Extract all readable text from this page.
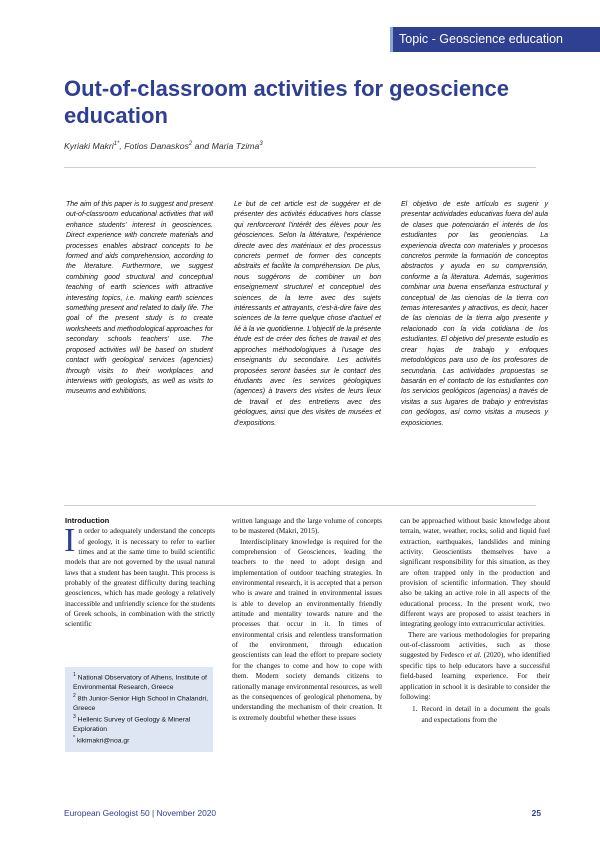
Topic - Geoscience education
Out-of-classroom activities for geoscience education
Kyriaki Makri$^{1*}$, Fotios Danaskos$^2$ and Maria Tzima$^3$

The aim of this paper is to suggest and present out-of-classroom educational activities that will enhance students' interest in geosciences. Direct experience with concrete materials and processes enables abstract concepts to be formed and aids comprehension, according to the literature. Furthermore, we suggest combining good structural and conceptual teaching of earth sciences with attractive interesting topics, i.e. making earth sciences something present and related to daily life. The goal of the present study is to create worksheets and methodological approaches for secondary schools teachers' use. The proposed activities will be based on student contact with geological services (agencies) through visits to their workplaces and interviews with geologists, as well as visits to museums and exhibitions.

Le but de cet article est de suggérer et de présenter des activités éducatives hors classe qui renforceront l'intérêt des élèves pour les géosciences. Selon la littérature, l'expérience directe avec des matériaux et des processus concrets permet de former des concepts abstraits et facilite la compréhension. De plus, nous suggérons de combiner un bon enseignement structurel et conceptuel des sciences de la terre avec des sujets intéressants et attrayants, c'est-à-dire faire des sciences de la terre quelque chose d'actuel et lié à la vie quotidienne. L'objectif de la présente étude est de créer des fiches de travail et des approches méthodologiques à l'usage des enseignants du secondaire. Les activités proposées seront basées sur le contact des étudiants avec les services géologiques (agences) à travers des visites de leurs lieux de travail et des entretiens avec des géologues, ainsi que des visites de musées et d'expositions.

El objetivo de este artículo es sugerir y presentar actividades educativas fuera del aula de clases que potenciarán el interés de los estudiantes por las geociencias. La experiencia directa con materiales y procesos concretos permite la formación de conceptos abstractos y ayuda en su comprensión, conforme a la literatura. Además, sugerimos combinar una buena enseñanza estructural y conceptual de las ciencias de la tierra con temas interesantes y atractivos, es decir, hacer de las ciencias de la tierra algo presente y relacionado con la vida cotidiana de los estudiantes. El objetivo del presente estudio es crear hojas de trabajo y enfoques metodológicos para uso de los profesores de secundaria. Las actividades propuestas se basarán en el contacto de los estudiantes con los servicios geológicos (agencias) a través de visitas a sus lugares de trabajo y entrevistas con geólogos, así como visitas a museos y exposiciones.

Introduction

In order to adequately understand the concepts of geology, it is necessary to refer to earlier times and at the same time to build scientific models that are not governed by the usual natural laws that a student has been taught. This process is probably of the greatest difficulty during teaching geosciences, which has made geology a relatively inaccessible and unfriendly science for the students of Greek schools, in combination with the strictly scientific

$^1$ National Observatory of Athens, Institute of Environmental Research, Greece

$^2$ 8th Junior-Senior High School in Chalandri, Greece

$^3$ Hellenic Survey of Geology & Mineral Exploration

* kikimakri@noa.gr

written language and the large volume of concepts to be mastered (Makri, 2015).

Interdisciplinary knowledge is required for the comprehension of Geosciences, leading the teachers to the need to adopt design and implementation of outdoor teaching strategies. In environmental research, it is accepted that a person who is aware and trained in environmental issues is able to develop an environmentally friendly attitude and mentality towards nature and the processes that occur in it. In times of environmental crisis and relentless transformation of the environment, through education geoscientists can lead the effort to prepare society for the changes to come and how to cope with them. Modern society demands citizens to rationally manage environmental resources, as well as the consequences of geological phenomena, by understanding the mechanism of their creation. It is extremely doubtful whether these issues

can be approached without basic knowledge about terrain, water, weather, rocks, solid and liquid fuel extraction, earthquakes, landslides and mining activity. Geoscientists themselves have a significant responsibility for this situation, as they are often trapped only in the production and provision of scientific information. They should also be taking an active role in all aspects of the educational process. In the present work, two different ways are proposed to assist teachers in integrating geology into extracurricular activities.

There are various methodologies for preparing out-of-classroom activities, such as those suggested by Fedesco et al. (2020), who identified specific tips to help educators have a successful field-based learning experience. For their application in school it is desirable to consider the following:

1. Record in detail in a document the goals and expectations from the
European Geologist 50 | November 2020	25
